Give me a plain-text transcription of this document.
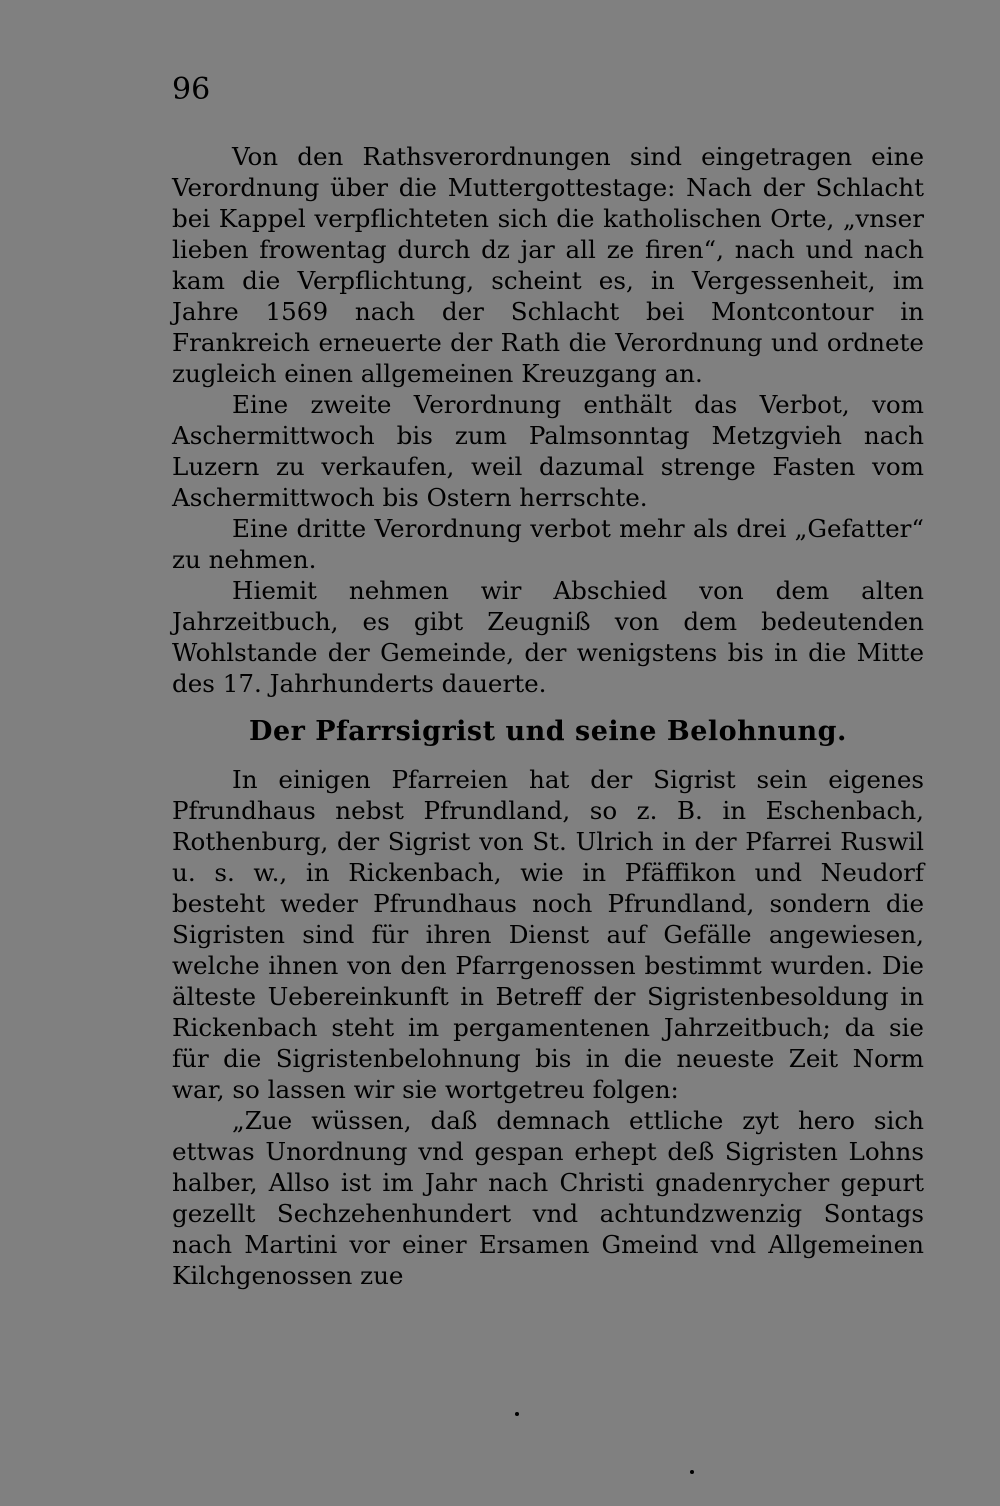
96

Von den Rathsverordnungen sind eingetragen eine Verordnung über die Muttergottestage: Nach der Schlacht bei Kappel verpflichteten sich die katholischen Orte, „vnser lieben frowentag durch dz jar all ze firen“, nach und nach kam die Verpflichtung, scheint es, in Vergessenheit, im Jahre 1569 nach der Schlacht bei Montcontour in Frankreich erneuerte der Rath die Verordnung und ordnete zugleich einen allgemeinen Kreuzgang an.

Eine zweite Verordnung enthält das Verbot, vom Aschermittwoch bis zum Palmsonntag Metzgvieh nach Luzern zu verkaufen, weil dazumal strenge Fasten vom Aschermittwoch bis Ostern herrschte.

Eine dritte Verordnung verbot mehr als drei „Gefatter“ zu nehmen.

Hiemit nehmen wir Abschied von dem alten Jahrzeitbuch, es gibt Zeugniß von dem bedeutenden Wohlstande der Gemeinde, der wenigstens bis in die Mitte des 17. Jahrhunderts dauerte.

Der Pfarrsigrist und seine Belohnung.

In einigen Pfarreien hat der Sigrist sein eigenes Pfrundhaus nebst Pfrundland, so z. B. in Eschenbach, Rothenburg, der Sigrist von St. Ulrich in der Pfarrei Ruswil u. s. w., in Rickenbach, wie in Pfäffikon und Neudorf besteht weder Pfrundhaus noch Pfrundland, sondern die Sigristen sind für ihren Dienst auf Gefälle angewiesen, welche ihnen von den Pfarrgenossen bestimmt wurden. Die älteste Uebereinkunft in Betreff der Sigristenbesoldung in Rickenbach steht im pergamentenen Jahrzeitbuch; da sie für die Sigristenbelohnung bis in die neueste Zeit Norm war, so lassen wir sie wortgetreu folgen:

„Zue wüssen, daß demnach ettliche zyt hero sich ettwas Unordnung vnd gespan erhept deß Sigristen Lohns halber, Allso ist im Jahr nach Christi gnadenrycher gepurt gezellt Sechzehenhundert vnd achtundzwenzig Sontags nach Martini vor einer Ersamen Gmeind vnd Allgemeinen Kilchgenossen zue
